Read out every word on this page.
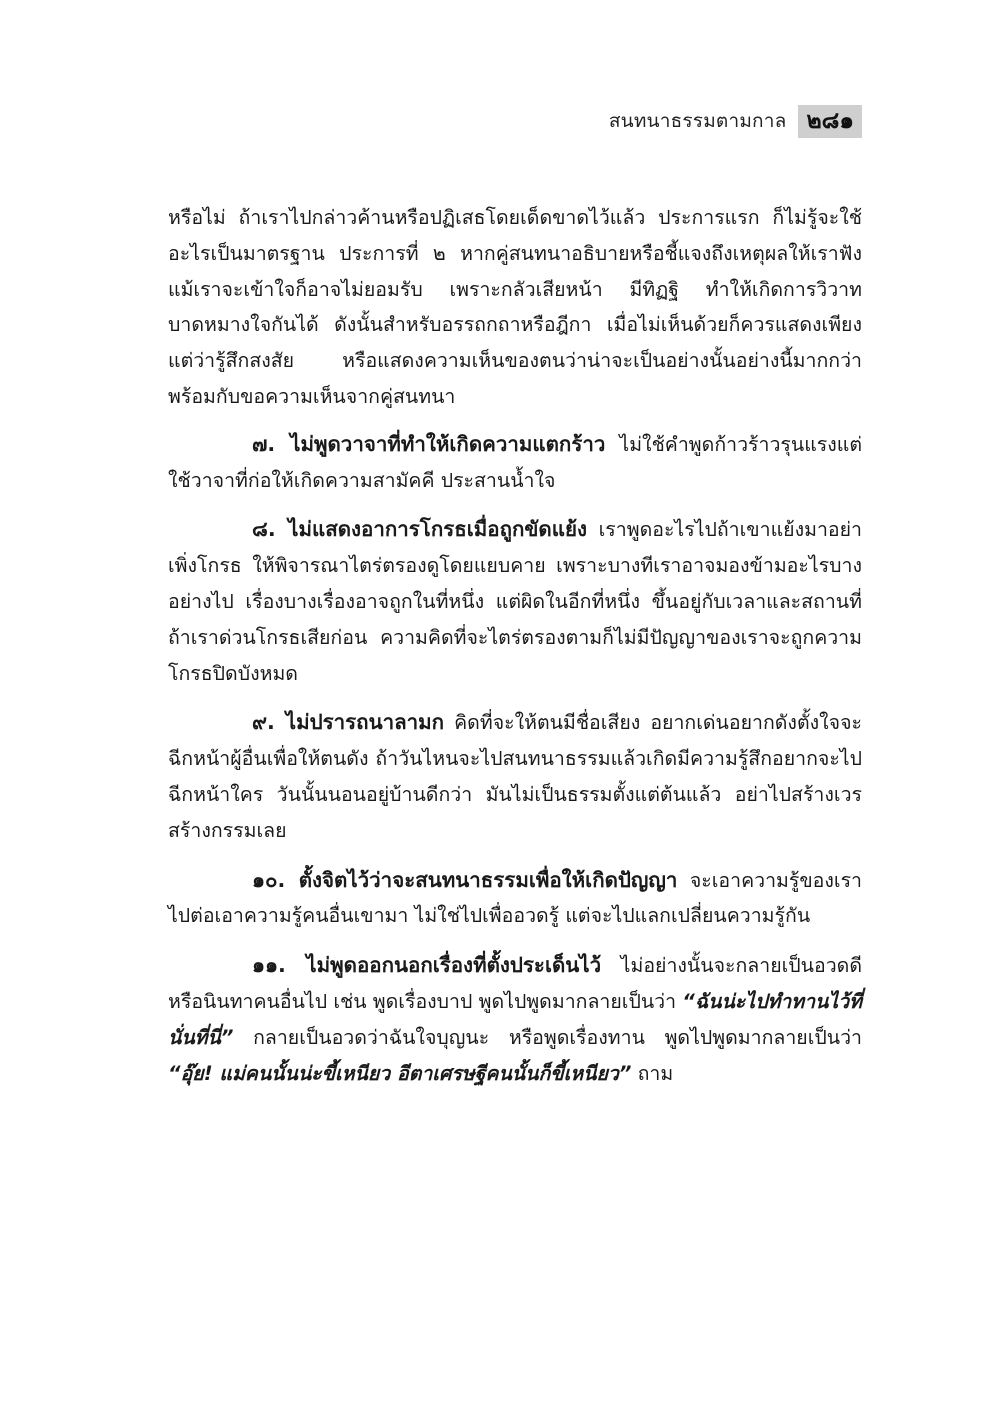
สนทนาธรรมตามกาล ๒๘๑

หรือไม่ ถ้าเราไปกล่าวค้านหรือปฏิเสธโดยเด็ดขาดไว้แล้ว ประการแรก ก็ไม่รู้จะใช้อะไรเป็นมาตรฐาน ประการที่ ๒ หากคู่สนทนาอธิบายหรือชี้แจงถึงเหตุผลให้เราฟัง แม้เราจะเข้าใจก็อาจไม่ยอมรับ เพราะกลัวเสียหน้า มีทิฏฐิ ทำให้เกิดการวิวาทบาดหมางใจกันได้ ดังนั้นสำหรับอรรถกถาหรือฎีกา เมื่อไม่เห็นด้วยก็ควรแสดงเพียงแต่ว่ารู้สึกสงสัย หรือแสดงความเห็นของตนว่าน่าจะเป็นอย่างนั้นอย่างนี้มากกว่า พร้อมกับขอความเห็นจากคู่สนทนา

๗. ไม่พูดวาจาที่ทำให้เกิดความแตกร้าว ไม่ใช้คำพูดก้าวร้าวรุนแรงแต่ใช้วาจาที่ก่อให้เกิดความสามัคคี ประสานน้ำใจ

๘. ไม่แสดงอาการโกรธเมื่อถูกขัดแย้ง เราพูดอะไรไปถ้าเขาแย้งมาอย่าเพิ่งโกรธ ให้พิจารณาไตร่ตรองดูโดยแยบคาย เพราะบางทีเราอาจมองข้ามอะไรบางอย่างไป เรื่องบางเรื่องอาจถูกในที่หนึ่ง แต่ผิดในอีกที่หนึ่ง ขึ้นอยู่กับเวลาและสถานที่ ถ้าเราด่วนโกรธเสียก่อน ความคิดที่จะไตร่ตรองตามก็ไม่มีปัญญาของเราจะถูกความโกรธปิดบังหมด

๙. ไม่ปรารถนาลามก คิดที่จะให้ตนมีชื่อเสียง อยากเด่นอยากดังตั้งใจจะฉีกหน้าผู้อื่นเพื่อให้ตนดัง ถ้าวันไหนจะไปสนทนาธรรมแล้วเกิดมีความรู้สึกอยากจะไปฉีกหน้าใคร วันนั้นนอนอยู่บ้านดีกว่า มันไม่เป็นธรรมตั้งแต่ต้นแล้ว อย่าไปสร้างเวรสร้างกรรมเลย

๑๐. ตั้งจิตไว้ว่าจะสนทนาธรรมเพื่อให้เกิดปัญญา จะเอาความรู้ของเราไปต่อเอาความรู้คนอื่นเขามา ไม่ใช่ไปเพื่ออวดรู้ แต่จะไปแลกเปลี่ยนความรู้กัน

๑๑. ไม่พูดออกนอกเรื่องที่ตั้งประเด็นไว้ ไม่อย่างนั้นจะกลายเป็นอวดดีหรือนินทาคนอื่นไป เช่น พูดเรื่องบาป พูดไปพูดมากลายเป็นว่า “ฉันน่ะไปทำทานไว้ที่นั่นที่นี่” กลายเป็นอวดว่าฉันใจบุญนะ หรือพูดเรื่องทาน พูดไปพูดมากลายเป็นว่า “อุ๊ย! แม่คนนั้นน่ะขี้เหนียว อีตาเศรษฐีคนนั้นก็ขี้เหนียว” ถาม
